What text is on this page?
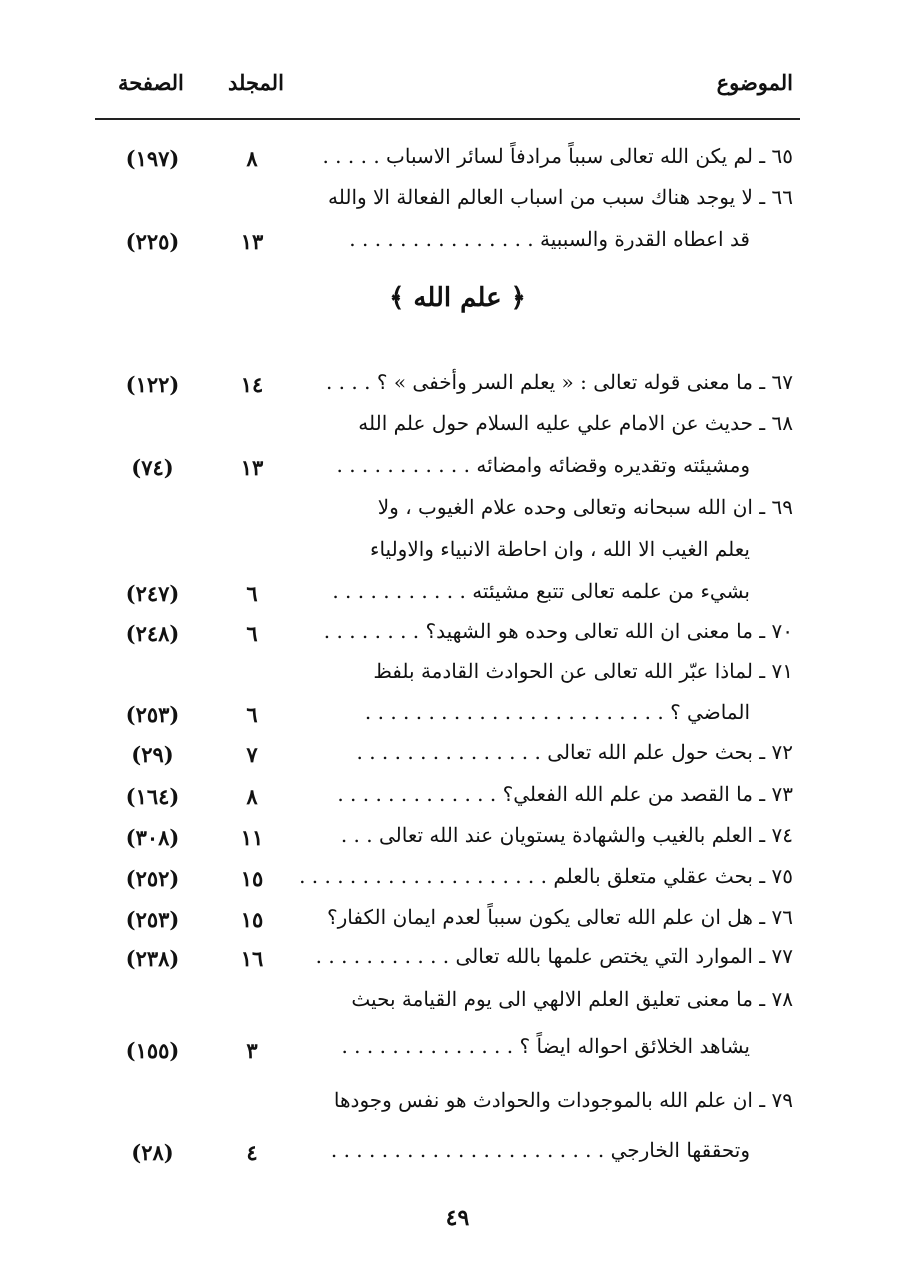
الموضوع
المجلد
الصفحة
﴿ علم الله ﴾
٦٥ ـ لم يكن الله تعالى سبباً مرادفاً لسائر الاسباب . . . . .
٨
(١٩٧)
٦٦ ـ لا يوجد هناك سبب من اسباب العالم الفعالة الا والله
قد اعطاه القدرة والسببية . . . . . . . . . . . . . . .
١٣
(٢٢٥)
٦٧ ـ ما معنى قوله تعالى : « يعلم السر وأخفى » ؟ . . . .
١٤
(١٢٢)
٦٨ ـ حديث عن الامام علي عليه السلام حول علم الله
ومشيئته وتقديره وقضائه وامضائه . . . . . . . . . . .
١٣
(٧٤)
٦٩ ـ ان الله سبحانه وتعالى وحده علام الغيوب ، ولا
يعلم الغيب الا الله ، وان احاطة الانبياء والاولياء
بشيء من علمه تعالى تتبع مشيئته . . . . . . . . . . .
٦
(٢٤٧)
٧٠ ـ ما معنى ان الله تعالى وحده هو الشهيد؟ . . . . . . . .
٦
(٢٤٨)
٧١ ـ لماذا عبّر الله تعالى عن الحوادث القادمة بلفظ
الماضي ؟ . . . . . . . . . . . . . . . . . . . . . . . .
٦
(٢٥٣)
٧٢ ـ بحث حول علم الله تعالى . . . . . . . . . . . . . . .
٧
(٢٩)
٧٣ ـ ما القصد من علم الله الفعلي؟ . . . . . . . . . . . . .
٨
(١٦٤)
٧٤ ـ العلم بالغيب والشهادة يستويان عند الله تعالى . . .
١١
(٣٠٨)
٧٥ ـ بحث عقلي متعلق بالعلم . . . . . . . . . . . . . . . . . . . .
١٥
(٢٥٢)
٧٦ ـ هل ان علم الله تعالى يكون سبباً لعدم ايمان الكفار؟
١٥
(٢٥٣)
٧٧ ـ الموارد التي يختص علمها بالله تعالى . . . . . . . . . . .
١٦
(٢٣٨)
٧٨ ـ ما معنى تعليق العلم الالهي الى يوم القيامة بحيث
يشاهد الخلائق احواله ايضاً ؟ . . . . . . . . . . . . . .
٣
(١٥٥)
٧٩ ـ ان علم الله بالموجودات والحوادث هو نفس وجودها
وتحققها الخارجي . . . . . . . . . . . . . . . . . . . . . .
٤
(٢٨)
٤٩
